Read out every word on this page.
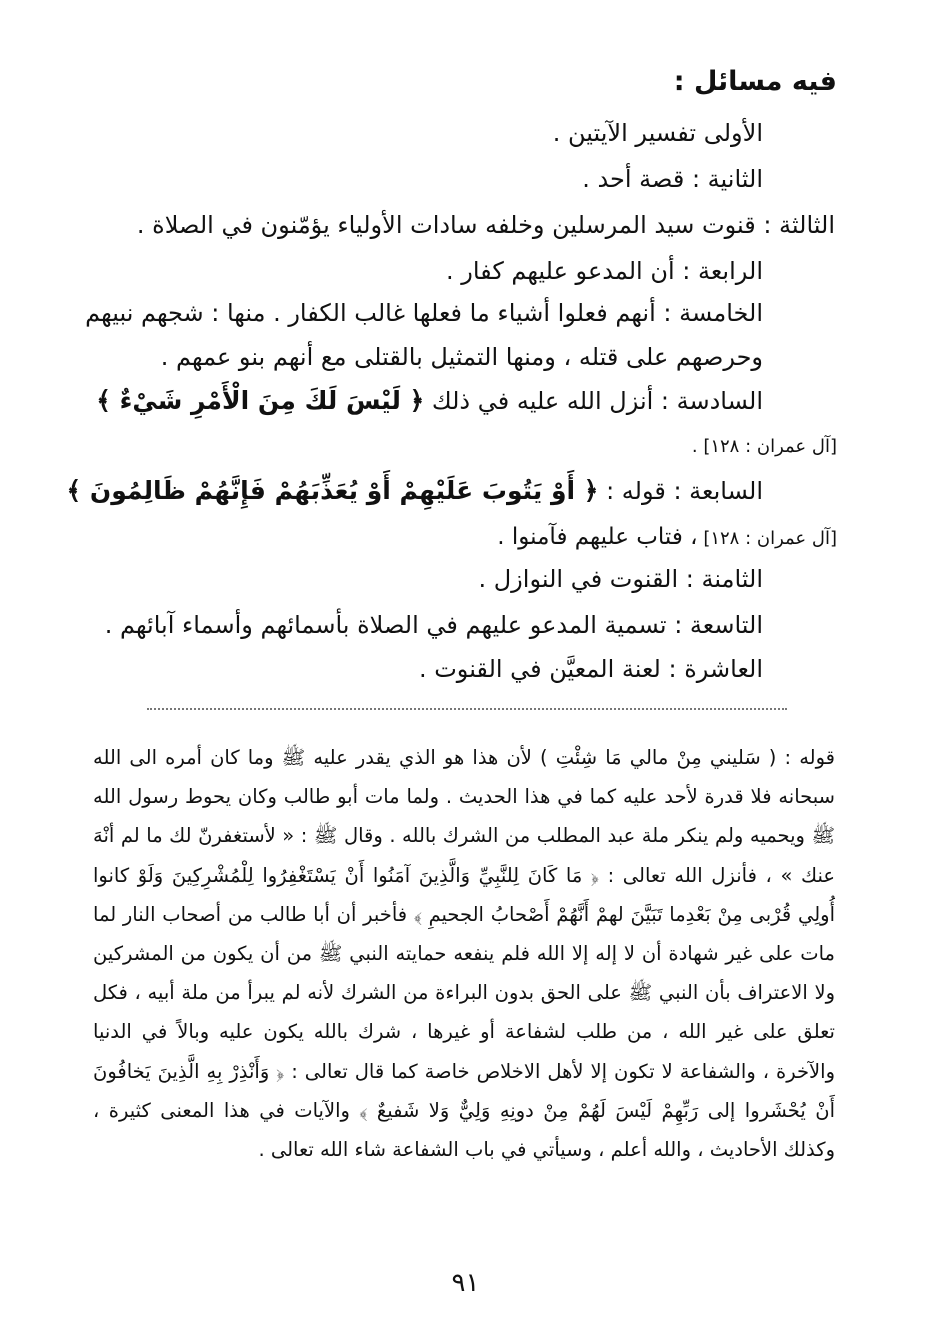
فيه مسائل :
الأولى تفسير الآيتين .
الثانية : قصة أحد .
الثالثة : قنوت سيد المرسلين وخلفه سادات الأولياء يؤمّنون في الصلاة .
الرابعة : أن المدعو عليهم كفار .
الخامسة : أنهم فعلوا أشياء ما فعلها غالب الكفار . منها : شجهم نبيهم وحرصهم على قتله ، ومنها التمثيل بالقتلى مع أنهم بنو عمهم .
السادسة : أنزل الله عليه في ذلك ﴿ لَيْسَ لَكَ مِنَ الْأَمْرِ شَيْءٌ ﴾
السابعة : قوله : ﴿ أَوْ يَتُوبَ عَلَيْهِمْ أَوْ يُعَذِّبَهُمْ فَإِنَّهُمْ ظَالِمُونَ ﴾
الثامنة : القنوت في النوازل .
التاسعة : تسمية المدعو عليهم في الصلاة بأسمائهم وأسماء آبائهم .
العاشرة : لعنة المعيَّن في القنوت .
[آل عمران : ١٢٨] .
[آل عمران : ١٢٨] ، فتاب عليهم فآمنوا .

قوله : ( سَليني مِنْ مالي مَا شِئْتِ ) لأن هذا هو الذي يقدر عليه ﷺ وما كان أمره الى الله سبحانه فلا قدرة لأحد عليه كما في هذا الحديث . ولما مات أبو طالب وكان يحوط رسول الله ﷺ ويحميه ولم ينكر ملة عبد المطلب من الشرك بالله . وقال ﷺ : « لأستغفرنّ لك ما لم أنْهَ عنك » ، فأنزل الله تعالى : ﴿ مَا كَانَ لِلنَّبِيِّ وَالَّذِينَ آمَنُوا أَنْ يَسْتَغْفِرُوا لِلْمُشْرِكِينَ وَلَوْ كانوا أُولِي قُرْبى مِنْ بَعْدِما تَبَيَّنَ لهمْ أَنَّهُمْ أَصْحابُ الجحيمِ ﴾ فأخبر أن أبا طالب من أصحاب النار لما مات على غير شهادة أن لا إله إلا الله فلم ينفعه حمايته النبي ﷺ من أن يكون من المشركين ولا الاعتراف بأن النبي ﷺ على الحق بدون البراءة من الشرك لأنه لم يبرأ من ملة أبيه ، فكل تعلق على غير الله ، من طلب لشفاعة أو غيرها ، شرك بالله يكون عليه وبالاً في الدنيا والآخرة ، والشفاعة لا تكون إلا لأهل الاخلاص خاصة كما قال تعالى : ﴿ وَأَنْذِرْ بِهِ الَّذِينَ يَخافُونَ أَنْ يُحْشَروا إلى رَبِّهِمْ لَيْسَ لَهُمْ مِنْ دونِهِ وَلِيٌّ وَلا شَفيعٌ ﴾ والآيات في هذا المعنى كثيرة ، وكذلك الأحاديث ، والله أعلم ، وسيأتي في باب الشفاعة شاء الله تعالى .

٩١
